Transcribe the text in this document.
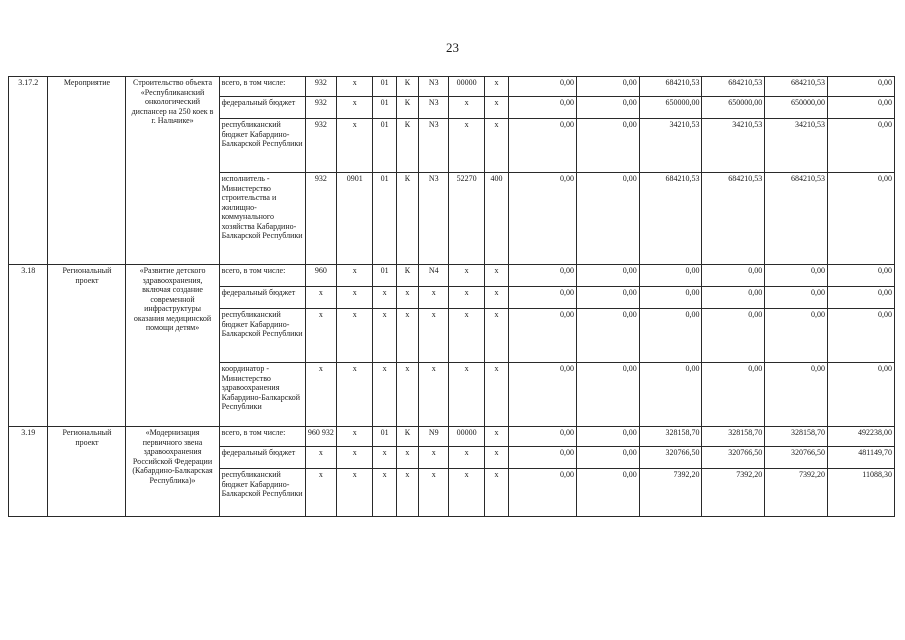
23
3.17.2	Мероприятие	Строительство объекта «Республиканский онкологический диспансер на 250 коек в г. Нальчике»	всего, в том числе:	932	х	01	К	N3	00000	х	0,00	0,00	684210,53	684210,53	684210,53	0,00
			федеральный бюджет	932	х	01	К	N3	х	х	0,00	0,00	650000,00	650000,00	650000,00	0,00
			республиканский бюджет Кабардино-Балкарской Республики	932	х	01	К	N3	х	х	0,00	0,00	34210,53	34210,53	34210,53	0,00
			исполнитель - Министерство строительства и жилищно-коммунального хозяйства Кабардино-Балкарской Республики	932	0901	01	К	N3	52270	400	0,00	0,00	684210,53	684210,53	684210,53	0,00
3.18	Региональный проект	«Развитие детского здравоохранения, включая создание современной инфраструктуры оказания медицинской помощи детям»	всего, в том числе:	960	х	01	К	N4	х	х	0,00	0,00	0,00	0,00	0,00	0,00
			федеральный бюджет	х	х	х	х	х	х	х	0,00	0,00	0,00	0,00	0,00	0,00
			республиканский бюджет Кабардино-Балкарской Республики	х	х	х	х	х	х	х	0,00	0,00	0,00	0,00	0,00	0,00
			координатор - Министерство здравоохранения Кабардино-Балкарской Республики	х	х	х	х	х	х	х	0,00	0,00	0,00	0,00	0,00	0,00
3.19	Региональный проект	«Модернизация первичного звена здравоохранения Российской Федерации (Кабардино-Балкарская Республика)»	всего, в том числе:	960 932	х	01	К	N9	00000	х	0,00	0,00	328158,70	328158,70	328158,70	492238,00
			федеральный бюджет	х	х	х	х	х	х	х	0,00	0,00	320766,50	320766,50	320766,50	481149,70
			республиканский бюджет Кабардино-Балкарской Республики	х	х	х	х	х	х	х	0,00	0,00	7392,20	7392,20	7392,20	11088,30
